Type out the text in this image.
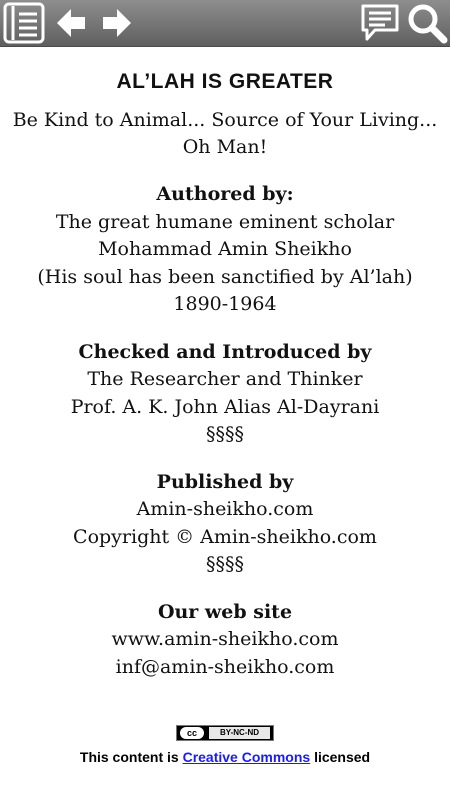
AL’LAH IS GREATER
Be Kind to Animal... Source of Your Living...
Oh Man!
Authored by:
The great humane eminent scholar
Mohammad Amin Sheikho
(His soul has been sanctified by Al’lah)
1890-1964
Checked and Introduced by
The Researcher and Thinker
Prof. A. K. John Alias Al-Dayrani
§§§§
Published by
Amin-sheikho.com
Copyright © Amin-sheikho.com
§§§§
Our web site
www.amin-sheikho.com
inf@amin-sheikho.com
cc	BY-NC-ND
This content is Creative Commons licensed
